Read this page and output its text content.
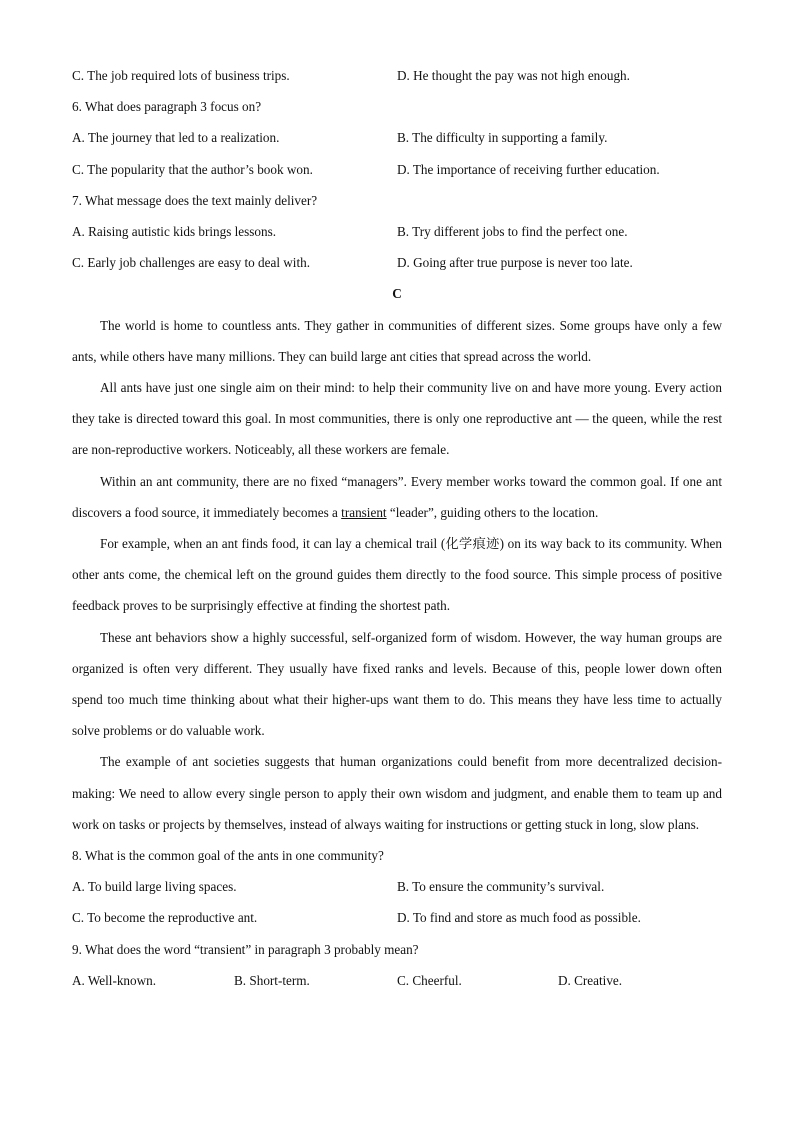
C. The job required lots of business trips.	D. He thought the pay was not high enough.
6. What does paragraph 3 focus on?
A. The journey that led to a realization.	B. The difficulty in supporting a family.
C. The popularity that the author’s book won.	D. The importance of receiving further education.
7. What message does the text mainly deliver?
A. Raising autistic kids brings lessons.	B. Try different jobs to find the perfect one.
C. Early job challenges are easy to deal with.	D. Going after true purpose is never too late.
C

The world is home to countless ants. They gather in communities of different sizes. Some groups have only a few ants, while others have many millions. They can build large ant cities that spread across the world.

All ants have just one single aim on their mind: to help their community live on and have more young. Every action they take is directed toward this goal. In most communities, there is only one reproductive ant — the queen, while the rest are non-reproductive workers. Noticeably, all these workers are female.

Within an ant community, there are no fixed “managers”. Every member works toward the common goal. If one ant discovers a food source, it immediately becomes a transient “leader”, guiding others to the location.

For example, when an ant finds food, it can lay a chemical trail (化学痕迹) on its way back to its community. When other ants come, the chemical left on the ground guides them directly to the food source. This simple process of positive feedback proves to be surprisingly effective at finding the shortest path.

These ant behaviors show a highly successful, self-organized form of wisdom. However, the way human groups are organized is often very different. They usually have fixed ranks and levels. Because of this, people lower down often spend too much time thinking about what their higher-ups want them to do. This means they have less time to actually solve problems or do valuable work.

The example of ant societies suggests that human organizations could benefit from more decentralized decision-making: We need to allow every single person to apply their own wisdom and judgment, and enable them to team up and work on tasks or projects by themselves, instead of always waiting for instructions or getting stuck in long, slow plans.

8. What is the common goal of the ants in one community?
A. To build large living spaces.	B. To ensure the community’s survival.
C. To become the reproductive ant.	D. To find and store as much food as possible.
9. What does the word “transient” in paragraph 3 probably mean?
A. Well-known.	B. Short-term.	C. Cheerful.	D. Creative.
